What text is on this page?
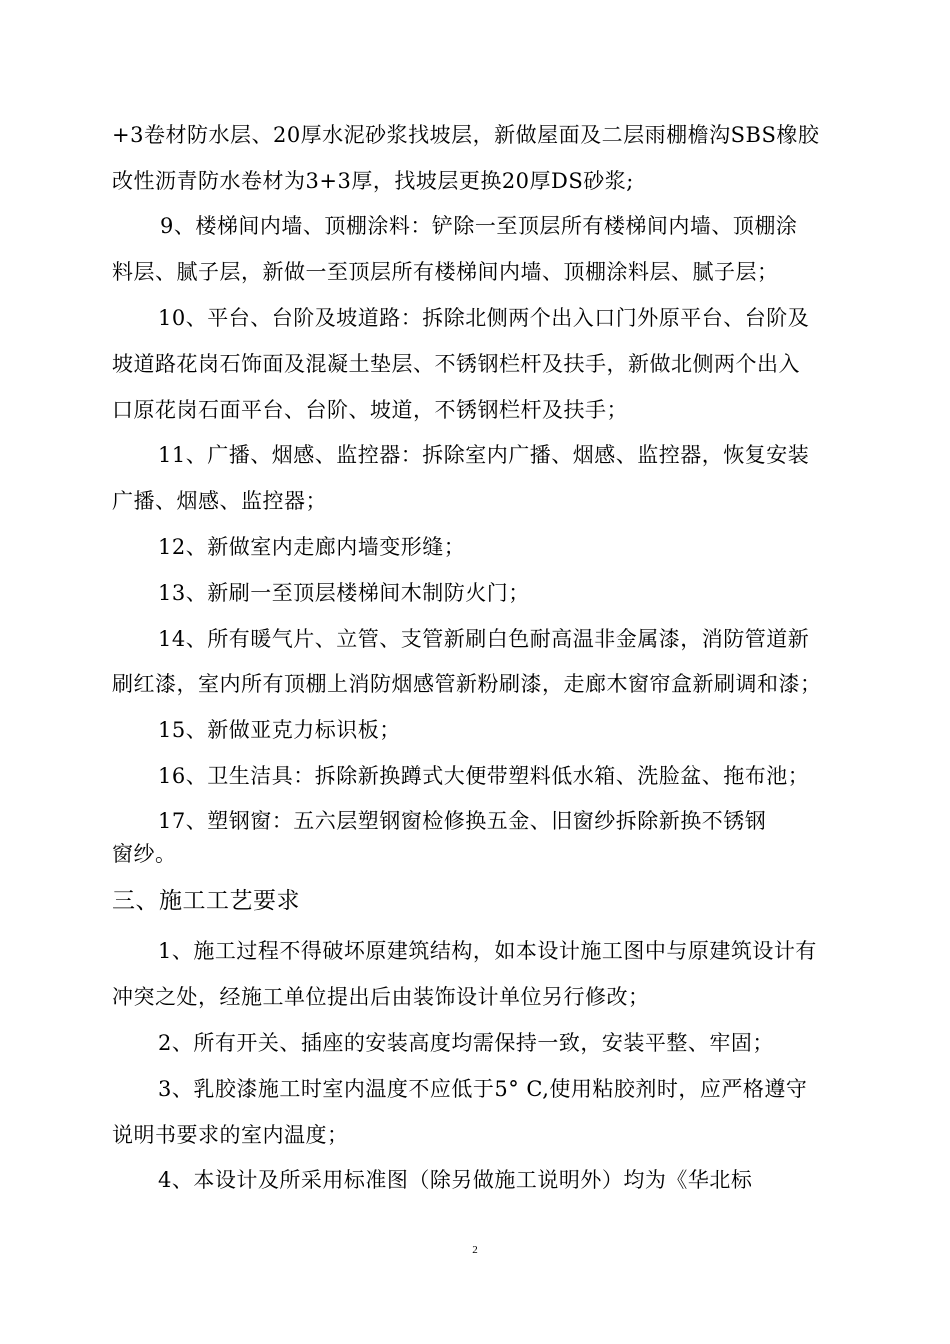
+3卷材防水层、20厚水泥砂浆找坡层，新做屋面及二层雨棚檐沟SBS橡胶
改性沥青防水卷材为3+3厚，找坡层更换20厚DS砂浆;
9、楼梯间内墙、顶棚涂料：铲除一至顶层所有楼梯间内墙、顶棚涂
料层、腻子层，新做一至顶层所有楼梯间内墙、顶棚涂料层、腻子层；
10、平台、台阶及坡道路：拆除北侧两个出入口门外原平台、台阶及
坡道路花岗石饰面及混凝土垫层、不锈钢栏杆及扶手，新做北侧两个出入
口原花岗石面平台、台阶、坡道，不锈钢栏杆及扶手；
11、广播、烟感、监控器：拆除室内广播、烟感、监控器，恢复安装
广播、烟感、监控器；
12、新做室内走廊内墙变形缝；
13、新刷一至顶层楼梯间木制防火门；
14、所有暖气片、立管、支管新刷白色耐高温非金属漆，消防管道新
刷红漆，室内所有顶棚上消防烟感管新粉刷漆，走廊木窗帘盒新刷调和漆；
15、新做亚克力标识板；
16、卫生洁具：拆除新换蹲式大便带塑料低水箱、洗脸盆、拖布池；
17、塑钢窗：五六层塑钢窗检修换五金、旧窗纱拆除新换不锈钢
窗纱。
三、施工工艺要求
1、施工过程不得破坏原建筑结构，如本设计施工图中与原建筑设计有
冲突之处，经施工单位提出后由装饰设计单位另行修改；
2、所有开关、插座的安装高度均需保持一致，安装平整、牢固；
3、乳胶漆施工时室内温度不应低于5° C,使用粘胶剂时，应严格遵守
说明书要求的室内温度；
4、本设计及所采用标准图（除另做施工说明外）均为《华北标
2
